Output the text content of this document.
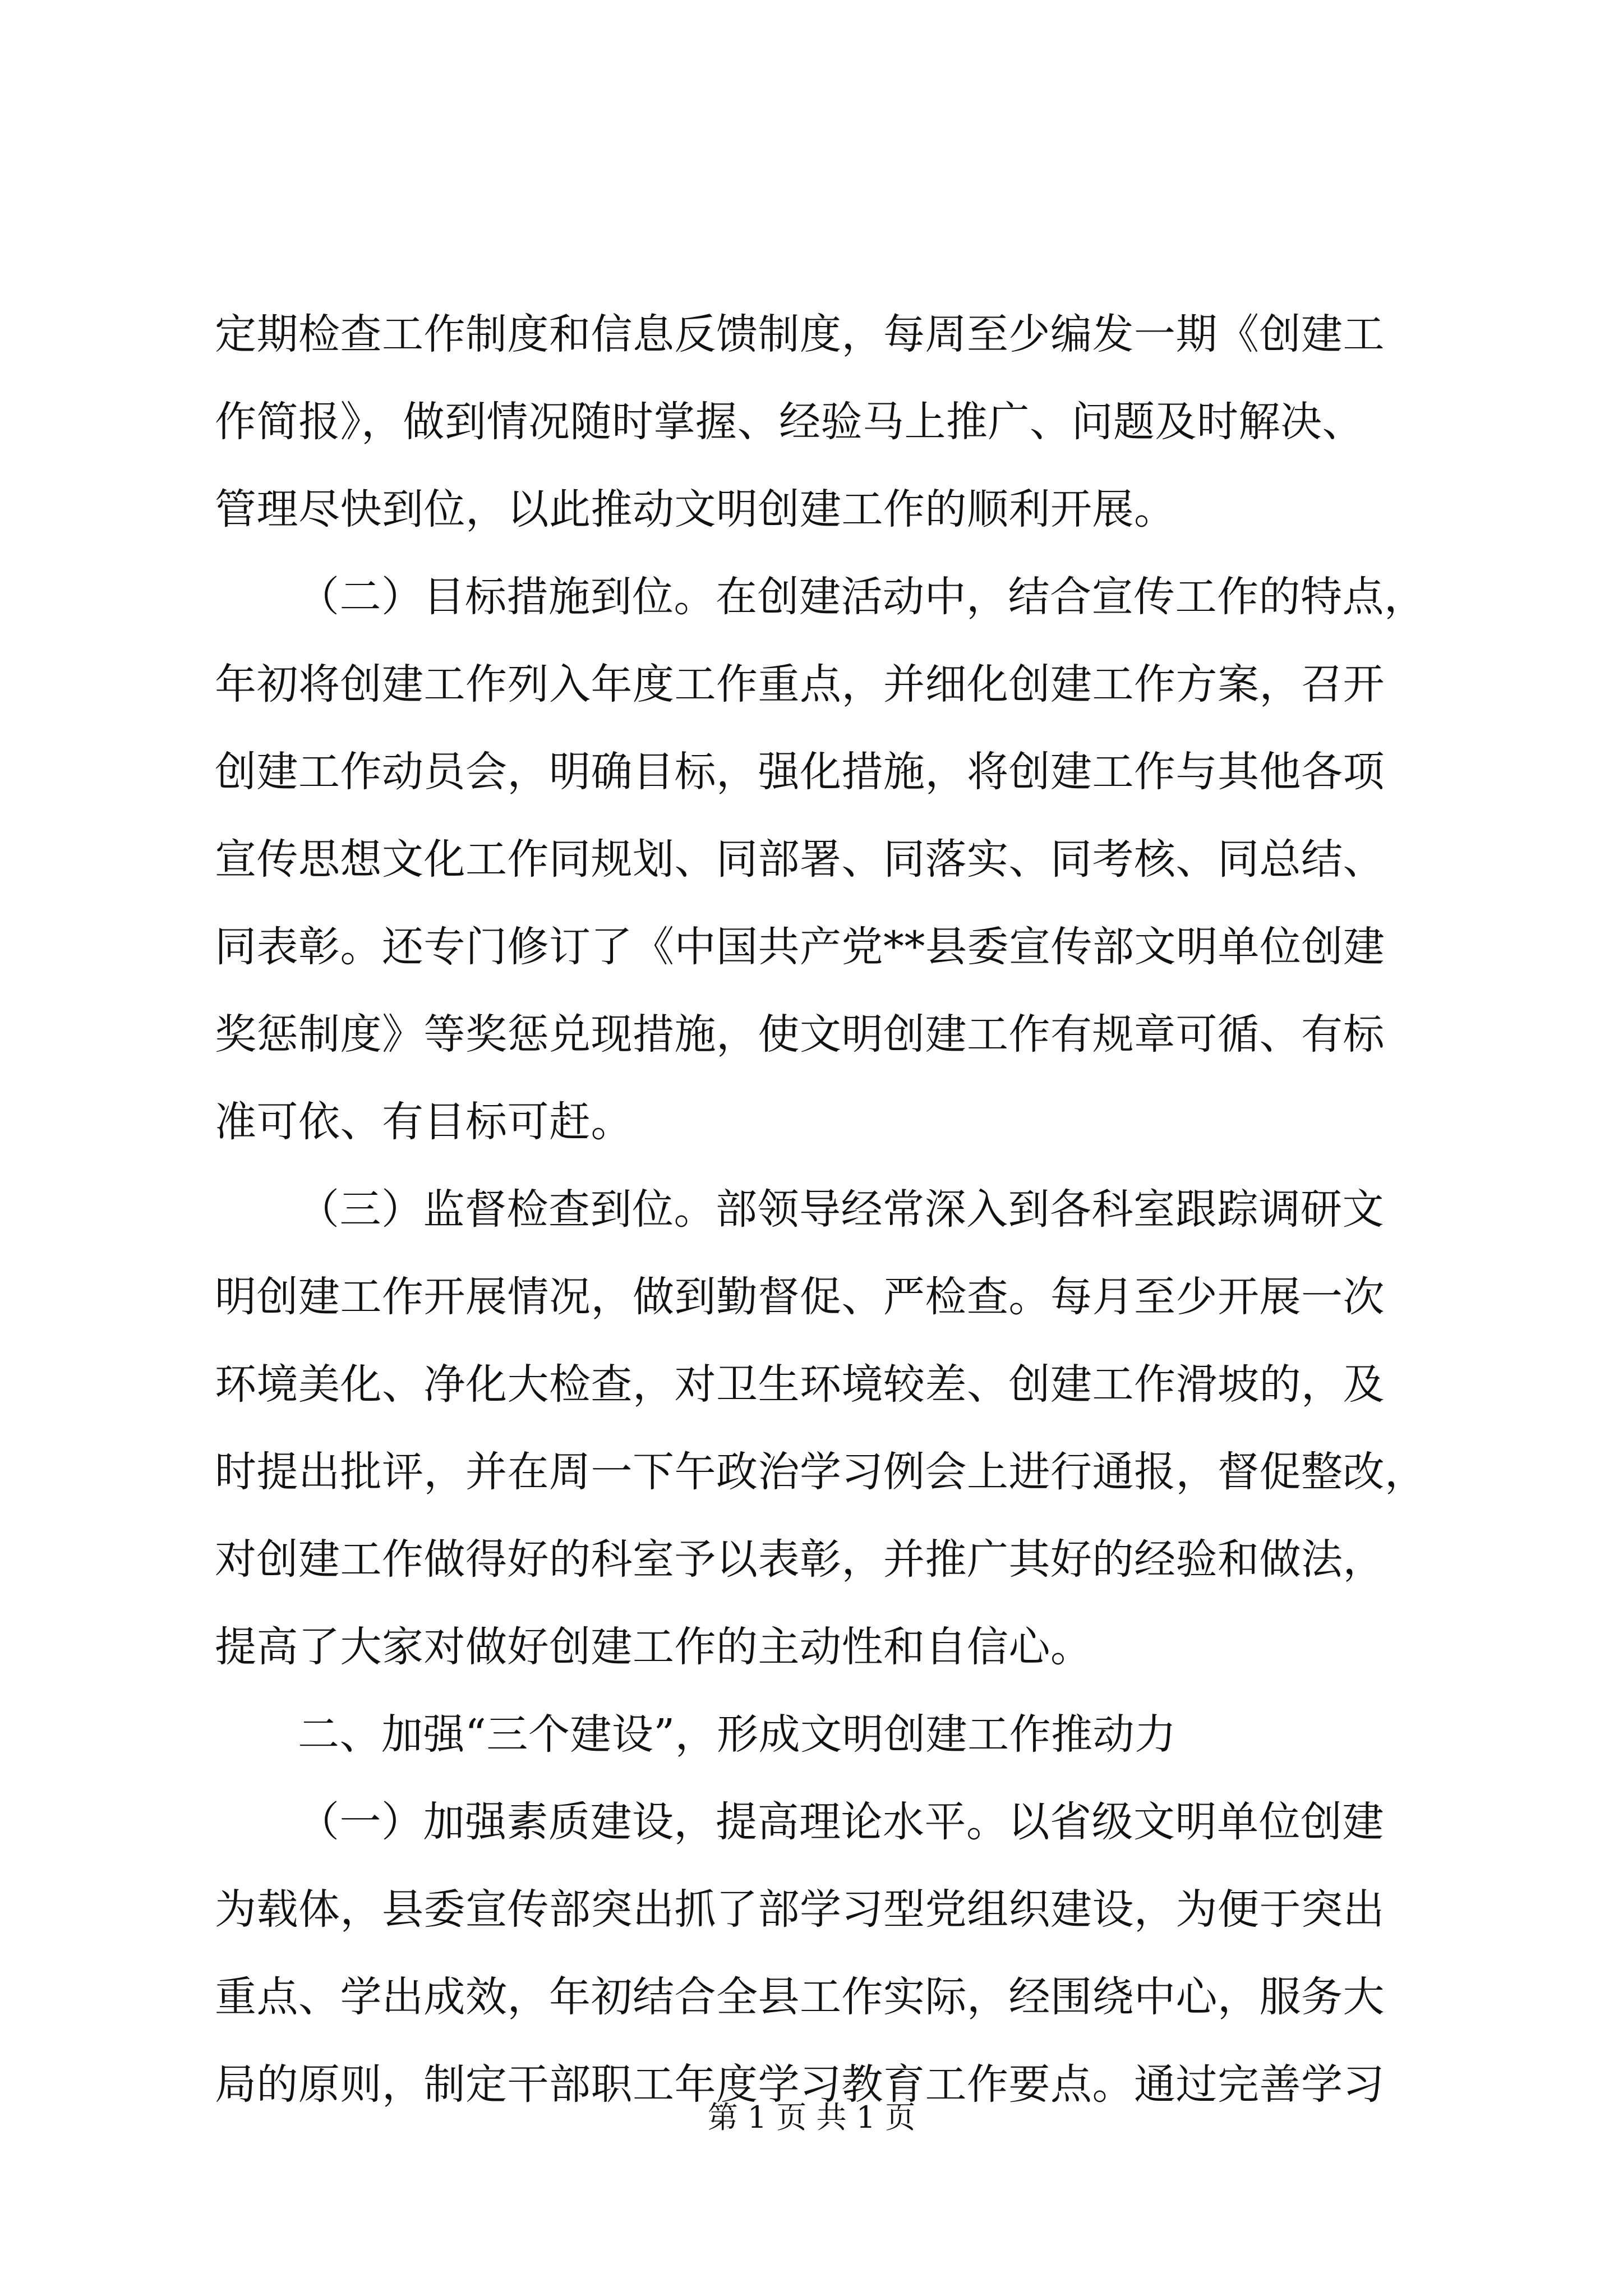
定期检查工作制度和信息反馈制度，每周至少编发一期《创建工
作简报》，做到情况随时掌握、经验马上推广、问题及时解决、
管理尽快到位，以此推动文明创建工作的顺利开展。
（二）目标措施到位。在创建活动中，结合宣传工作的特点，
年初将创建工作列入年度工作重点，并细化创建工作方案，召开
创建工作动员会，明确目标，强化措施，将创建工作与其他各项
宣传思想文化工作同规划、同部署、同落实、同考核、同总结、
同表彰。还专门修订了《中国共产党**县委宣传部文明单位创建
奖惩制度》等奖惩兑现措施，使文明创建工作有规章可循、有标
准可依、有目标可赶。
（三）监督检查到位。部领导经常深入到各科室跟踪调研文
明创建工作开展情况，做到勤督促、严检查。每月至少开展一次
环境美化、净化大检查，对卫生环境较差、创建工作滑坡的，及
时提出批评，并在周一下午政治学习例会上进行通报，督促整改，
对创建工作做得好的科室予以表彰，并推广其好的经验和做法，
提高了大家对做好创建工作的主动性和自信心。
二、加强“三个建设”，形成文明创建工作推动力
（一）加强素质建设，提高理论水平。以省级文明单位创建
为载体，县委宣传部突出抓了部学习型党组织建设，为便于突出
重点、学出成效，年初结合全县工作实际，经围绕中心，服务大
局的原则，制定干部职工年度学习教育工作要点。通过完善学习
第 1 页 共 1 页
